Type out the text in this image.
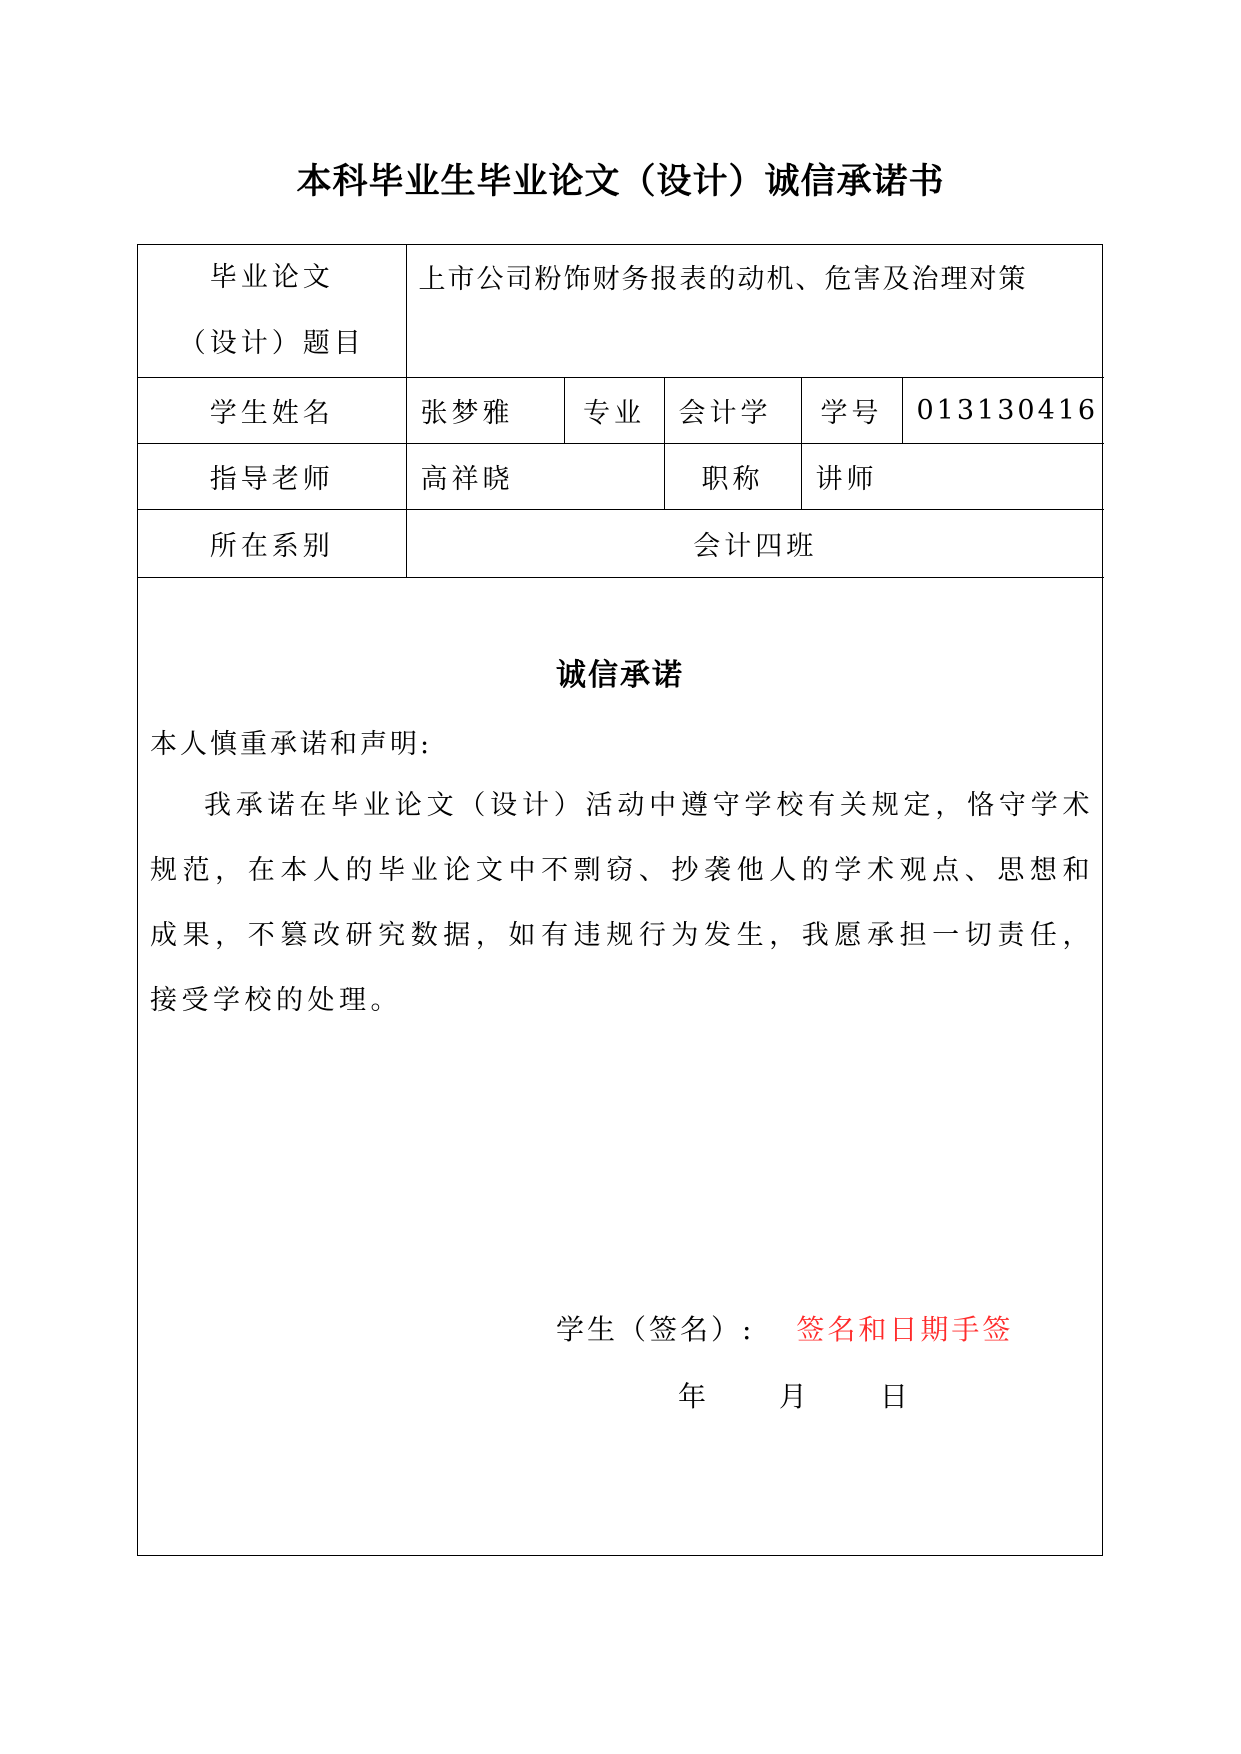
本科毕业生毕业论文（设计）诚信承诺书
毕业论文
（设计）题目	上市公司粉饰财务报表的动机、危害及治理对策				
学生姓名	张梦雅	专业	会计学	学号	013130416
指导老师	高祥晓		职称	讲师	
所在系别	会计四班				
诚信承诺
本人慎重承诺和声明:
我承诺在毕业论文（设计）活动中遵守学校有关规定，恪守学术规范，在本人的毕业论文中不剽窃、抄袭他人的学术观点、思想和成果，不篡改研究数据，如有违规行为发生，我愿承担一切责任，接受学校的处理。
学生（签名）: 签名和日期手签
年	月	日
